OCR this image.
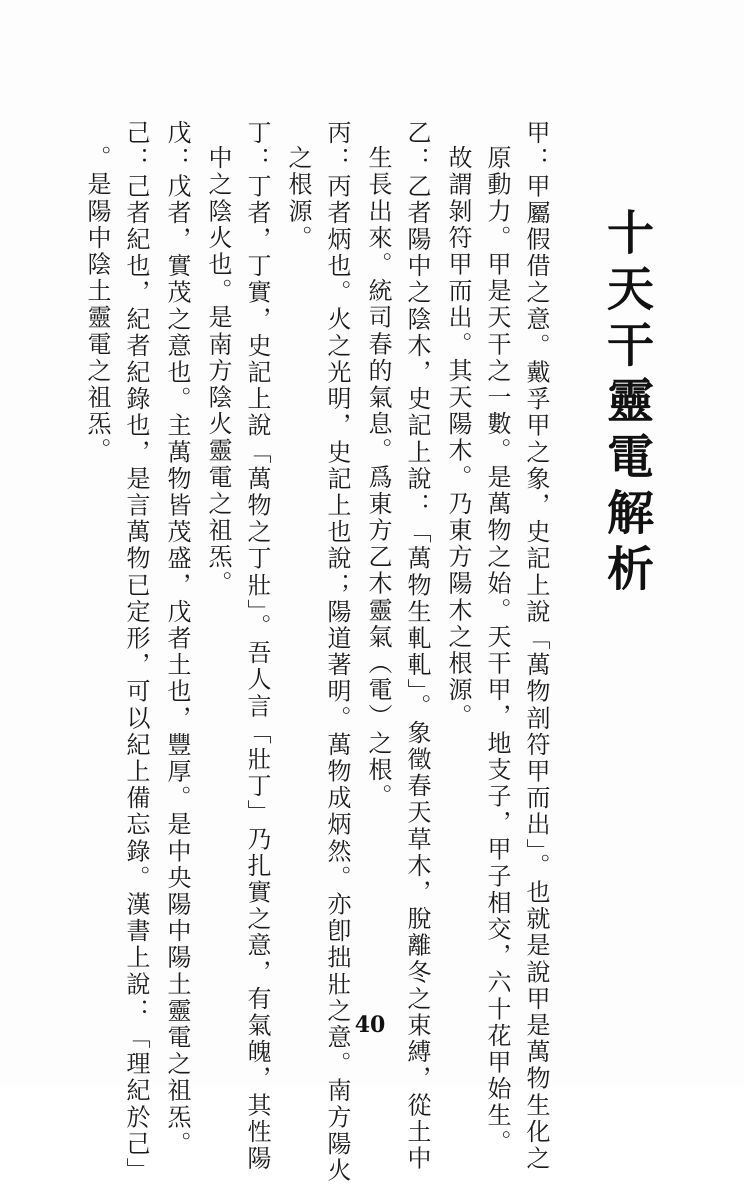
十天干靈電解析
甲：甲屬假借之意。戴孚甲之象，史記上說「萬物剖符甲而出」。也就是說甲是萬物生化之
原動力。甲是天干之一數。是萬物之始。天干甲，地支子，甲子相交，六十花甲始生。
故謂剝符甲而出。其天陽木。乃東方陽木之根源。
乙：乙者陽中之陰木，史記上說：「萬物生軋軋」。象徵春天草木，脫離冬之束縛，從土中
生長出來。統司春的氣息。爲東方乙木靈氣（電）之根。
丙：丙者炳也。火之光明，史記上也說；陽道著明。萬物成炳然。亦卽拙壯之意。南方陽火
之根源。
丁：丁者，丁實，史記上說「萬物之丁壯」。吾人言「壯丁」乃扎實之意，有氣魄，其性陽
中之陰火也。是南方陰火靈電之祖炁。
戊：戊者，實茂之意也。主萬物皆茂盛，戊者土也，豐厚。是中央陽中陽土靈電之祖炁。
己：己者紀也，紀者紀錄也，是言萬物已定形，可以紀上備忘錄。漢書上說：「理紀於己」
。是陽中陰土靈電之祖炁。
40
